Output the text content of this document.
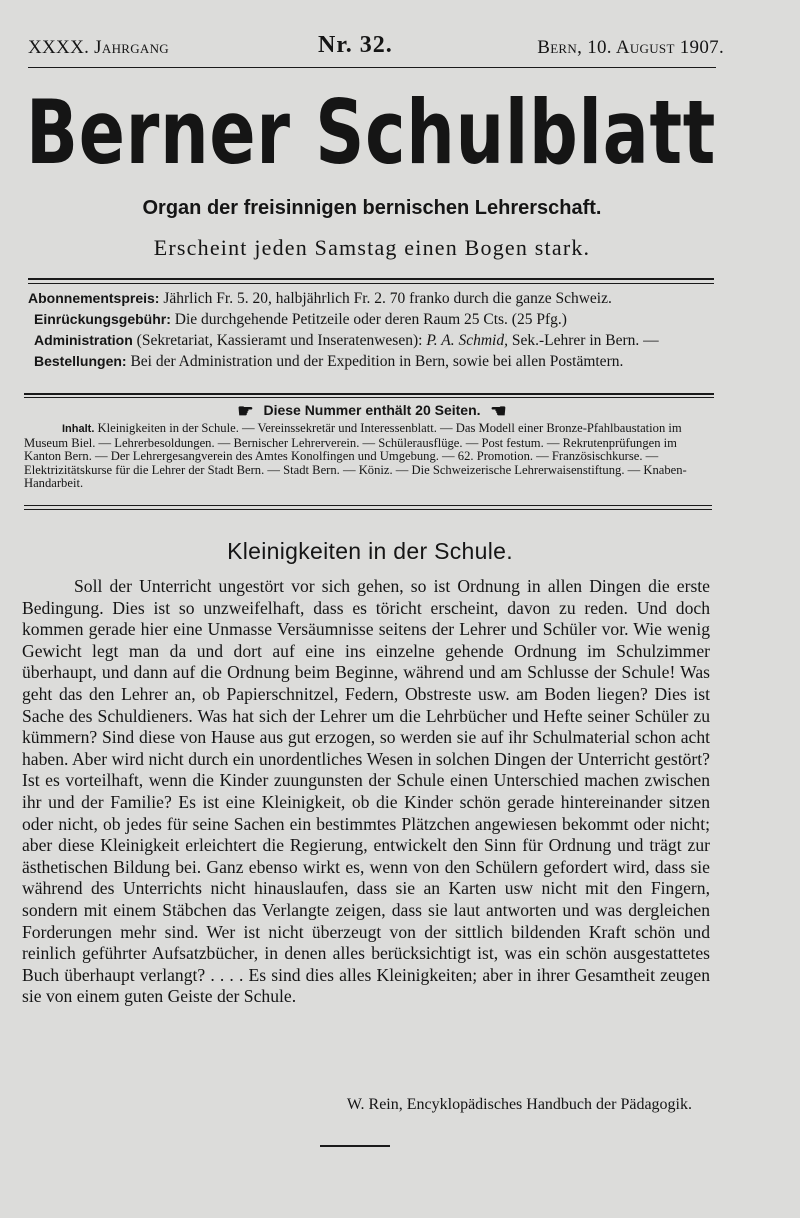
XXXX. Jahrgang	Nr. 32.	Bern, 10. August 1907.
Berner Schulblatt
Organ der freisinnigen bernischen Lehrerschaft.
Erscheint jeden Samstag einen Bogen stark.

Abonnementspreis: Jährlich Fr. 5. 20, halbjährlich Fr. 2. 70 franko durch die ganze Schweiz.

Einrückungsgebühr: Die durchgehende Petitzeile oder deren Raum 25 Cts. (25 Pfg.)

Administration (Sekretariat, Kassieramt und Inseratenwesen): P. A. Schmid, Sek.-Lehrer in Bern. — Bestellungen: Bei der Administration und der Expedition in Bern, sowie bei allen Postämtern.

☛ Diese Nummer enthält 20 Seiten. ☚

Inhalt. Kleinigkeiten in der Schule. — Vereinssekretär und Interessenblatt. — Das Modell einer Bronze-Pfahlbaustation im Museum Biel. — Lehrerbesoldungen. — Bernischer Lehrerverein. — Schülerausflüge. — Post festum. — Rekrutenprüfungen im Kanton Bern. — Der Lehrergesangverein des Amtes Konolfingen und Umgebung. — 62. Promotion. — Französischkurse. — Elektrizitätskurse für die Lehrer der Stadt Bern. — Stadt Bern. — Köniz. — Die Schweizerische Lehrerwaisenstiftung. — Knaben-Handarbeit.

Kleinigkeiten in der Schule.

Soll der Unterricht ungestört vor sich gehen, so ist Ordnung in allen Dingen die erste Bedingung. Dies ist so unzweifelhaft, dass es töricht erscheint, davon zu reden. Und doch kommen gerade hier eine Unmasse Versäumnisse seitens der Lehrer und Schüler vor. Wie wenig Gewicht legt man da und dort auf eine ins einzelne gehende Ordnung im Schulzimmer überhaupt, und dann auf die Ordnung beim Beginne, während und am Schlusse der Schule! Was geht das den Lehrer an, ob Papierschnitzel, Federn, Obstreste usw. am Boden liegen? Dies ist Sache des Schuldieners. Was hat sich der Lehrer um die Lehrbücher und Hefte seiner Schüler zu kümmern? Sind diese von Hause aus gut erzogen, so werden sie auf ihr Schulmaterial schon acht haben. Aber wird nicht durch ein unordentliches Wesen in solchen Dingen der Unterricht gestört? Ist es vorteilhaft, wenn die Kinder zuungunsten der Schule einen Unterschied machen zwischen ihr und der Familie? Es ist eine Kleinigkeit, ob die Kinder schön gerade hintereinander sitzen oder nicht, ob jedes für seine Sachen ein bestimmtes Plätzchen angewiesen bekommt oder nicht; aber diese Kleinigkeit erleichtert die Regierung, entwickelt den Sinn für Ordnung und trägt zur ästhetischen Bildung bei. Ganz ebenso wirkt es, wenn von den Schülern gefordert wird, dass sie während des Unterrichts nicht hinauslaufen, dass sie an Karten usw nicht mit den Fingern, sondern mit einem Stäbchen das Verlangte zeigen, dass sie laut antworten und was dergleichen Forderungen mehr sind. Wer ist nicht überzeugt von der sittlich bildenden Kraft schön und reinlich geführter Aufsatzbücher, in denen alles berücksichtigt ist, was ein schön ausgestattetes Buch überhaupt verlangt? . . . . Es sind dies alles Kleinigkeiten; aber in ihrer Gesamtheit zeugen sie von einem guten Geiste der Schule.

W. Rein, Encyklopädisches Handbuch der Pädagogik.
